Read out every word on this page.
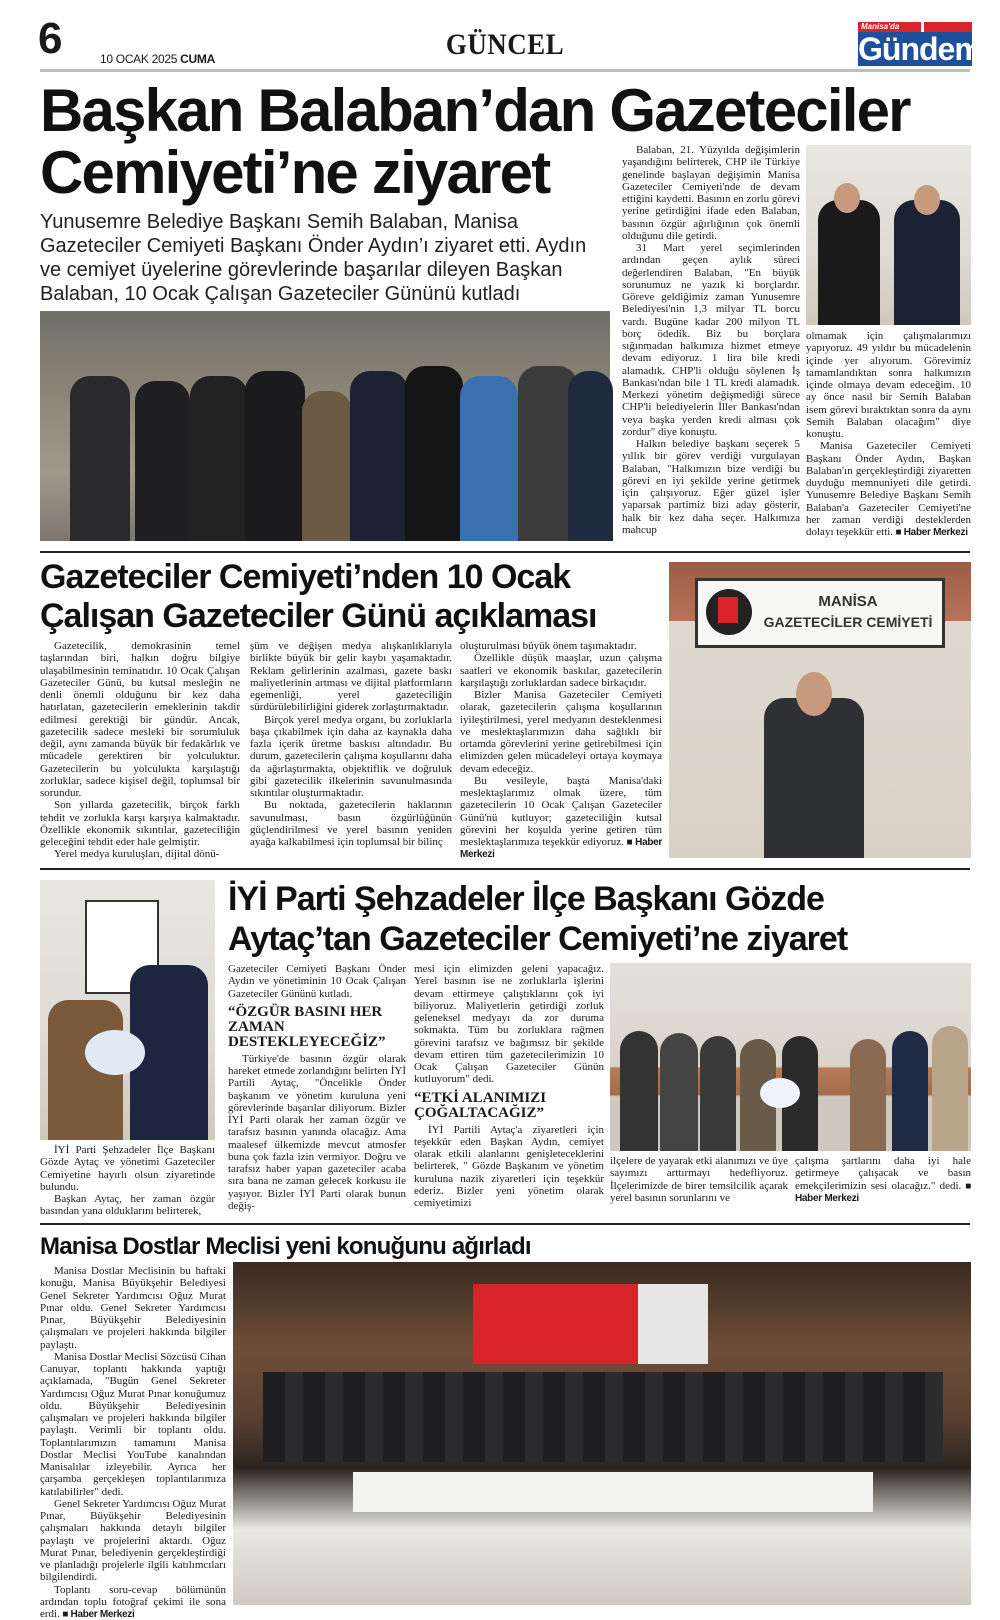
6	10 OCAK 2025 CUMA	GÜNCEL
Manisa'da
Gündem
Başkan Balaban’dan Gazeteciler
Cemiyeti’ne ziyaret
Yunusemre Belediye Başkanı Semih Balaban, Manisa Gazeteciler Cemiyeti Başkanı Önder Aydın’ı ziyaret etti. Aydın ve cemiyet üyelerine görevlerinde başarılar dileyen Başkan Balaban, 10 Ocak Çalışan Gazeteciler Gününü kutladı

Balaban, 21. Yüzyılda değişimlerin yaşandığını belirterek, CHP ile Türkiye genelinde başlayan değişimin Manisa Gazeteciler Cemiyeti'nde de devam ettiğini kaydetti. Basının en zorlu görevi yerine getirdiğini ifade eden Balaban, basının özgür ağırlığının çok önemli olduğunu dile getirdi.

31 Mart yerel seçimlerinden ardından geçen aylık süreci değerlendiren Balaban, "En büyük sorunumuz ne yazık ki borçlardır. Göreve geldiğimiz zaman Yunusemre Belediyesi'nin 1,3 milyar TL borcu vardı. Bugüne kadar 200 milyon TL borç ödedik. Biz bu borçlara sığınmadan halkımıza hizmet etmeye devam ediyoruz. 1 lira bile kredi alamadık. CHP'li olduğu söylenen İş Bankası'ndan bile 1 TL kredi alamadık. Merkezi yönetim değişmediği sürece CHP'li belediyelerin İller Bankası'ndan veya başka yerden kredi alması çok zordur" diye konuştu.

Halkın belediye başkanı seçerek 5 yıllık bir görev verdiği vurgulayan Balaban, "Halkımızın bize verdiği bu görevi en iyi şekilde yerine getirmek için çalışıyoruz. Eğer güzel işler yaparsak partimiz bizi aday gösterir, halk bir kez daha seçer. Halkımıza mahcup

olmamak için çalışmalarımızı yapıyoruz. 49 yıldır bu mücadelenin içinde yer alıyorum. Görevimiz tamamlandıktan sonra halkımızın içinde olmaya devam edeceğim. 10 ay önce nasıl bir Semih Balaban isem görevi bıraktıktan sonra da aynı Semih Balaban olacağım" diye konuştu.

Manisa Gazeteciler Cemiyeti Başkanı Önder Aydın, Başkan Balaban'ın gerçekleştirdiği ziyaretten duyduğu memnuniyeti dile getirdi. Yunusemre Belediye Başkanı Semih Balaban'a Gazeteciler Cemiyeti'ne her zaman verdiği desteklerden dolayı teşekkür etti. ■ Haber Merkezi

Gazeteciler Cemiyeti’nden 10 Ocak
Çalışan Gazeteciler Günü açıklaması	MANİSA
GAZETECİLER CEMİYETİ

Gazetecilik, demokrasinin temel taşlarından biri, halkın doğru bilgiye ulaşabilmesinin teminatıdır. 10 Ocak Çalışan Gazeteciler Günü, bu kutsal mesleğin ne denli önemli olduğunu bir kez daha hatırlatan, gazetecilerin emeklerinin takdir edilmesi gerektiği bir gündür. Ancak, gazetecilik sadece mesleki bir sorumluluk değil, aynı zamanda büyük bir fedakârlık ve mücadele gerektiren bir yolculuktur. Gazetecilerin bu yolculukta karşılaştığı zorluklar, sadece kişisel değil, toplumsal bir sorundur.

Son yıllarda gazetecilik, birçok farklı tehdit ve zorlukla karşı karşıya kalmaktadır. Özellikle ekonomik sıkıntılar, gazeteciliğin geleceğini tehdit eder hale gelmiştir.

Yerel medya kuruluşları, dijital dönü-

şüm ve değişen medya alışkanlıklarıyla birlikte büyük bir gelir kaybı yaşamaktadır. Reklam gelirlerinin azalması, gazete baskı maliyetlerinin artması ve dijital platformların egemenliği, yerel gazeteciliğin sürdürülebilirliğini giderek zorlaştırmaktadır.

Birçok yerel medya organı, bu zorluklarla başa çıkabilmek için daha az kaynakla daha fazla içerik üretme baskısı altındadır. Bu durum, gazetecilerin çalışma koşullarını daha da ağırlaştırmakta, objektiflik ve doğruluk gibi gazetecilik ilkelerinin savunulmasında sıkıntılar oluşturmaktadır.

Bu noktada, gazetecilerin haklarının savunulması, basın özgürlüğünün güçlendirilmesi ve yerel basının yeniden ayağa kalkabilmesi için toplumsal bir bilinç

oluşturulması büyük önem taşımaktadır.

Özellikle düşük maaşlar, uzun çalışma saatleri ve ekonomik baskılar, gazetecilerin karşılaştığı zorluklardan sadece birkaçıdır.

Bizler Manisa Gazeteciler Cemiyeti olarak, gazetecilerin çalışma koşullarının iyileştirilmesi, yerel medyanın desteklenmesi ve meslektaşlarımızın daha sağlıklı bir ortamda görevlerini yerine getirebilmesi için elimizden gelen mücadeleyi ortaya koymaya devam edeceğiz.

Bu vesileyle, başta Manisa'daki meslektaşlarımız olmak üzere, tüm gazetecilerin 10 Ocak Çalışan Gazeteciler Günü'nü kutluyor; gazeteciliğin kutsal görevini her koşulda yerine getiren tüm meslektaşlarımıza teşekkür ediyoruz. ■ Haber Merkezi

İYİ Parti Şehzadeler İlçe Başkanı Gözde Aytaç ve yönetimi Gazeteciler Cemiyetine hayırlı olsun ziyaretinde bulundu.

Başkan Aytaç, her zaman özgür basından yana olduklarını belirterek,

İYİ Parti Şehzadeler İlçe Başkanı Gözde
Aytaç’tan Gazeteciler Cemiyeti’ne ziyaret

Gazeteciler Cemiyeti Başkanı Önder Aydın ve yönetiminin 10 Ocak Çalışan Gazeteciler Gününü kutladı.

“ÖZGÜR BASINI HER ZAMAN DESTEKLEYECEĞİZ”

Türkiye'de basının özgür olarak hareket etmede zorlandığını belirten İYİ Partili Aytaç, "Öncelikle Önder başkanım ve yönetim kuruluna yeni görevlerinde başarılar diliyorum. Bizler İYİ Parti olarak her zaman özgür ve tarafsız basının yanında olacağız. Ama maalesef ülkemizde mevcut atmosfer buna çok fazla izin vermiyor. Doğru ve tarafsız haber yapan gazeteciler acaba sıra bana ne zaman gelecek korkusu ile yaşıyor. Bizler İYİ Parti olarak bunun değiş-

mesi için elimizden geleni yapacağız. Yerel basının ise ne zorluklarla işlerini devam ettirmeye çalıştıklarını çok iyi biliyoruz. Maliyetlerin getirdiği zorluk geleneksel medyayı da zor duruma sokmakta. Tüm bu zorluklara rağmen görevini tarafsız ve bağımsız bir şekilde devam ettiren tüm gazetecilerimizin 10 Ocak Çalışan Gazeteciler Günün kutluyorum" dedi.

“ETKİ ALANIMIZI ÇOĞALTACAĞIZ”

İYİ Partili Aytaç'a ziyaretleri için teşekkür eden Başkan Aydın, cemiyet olarak etkili alanlarını genişleteceklerini belirterek, " Gözde Başkanım ve yönetim kuruluna nazik ziyaretleri için teşekkür ederiz. Bizler yeni yönetim olarak cemiyetimizi

ilçelere de yayarak etki alanımızı ve üye sayımızı arttırmayı hedefliyoruz. İlçelerimizde de birer temsilcilik açarak yerel basının sorunlarını ve

çalışma şartlarını daha iyi hale getirmeye çalışacak ve basın emekçilerimizin sesi olacağız." dedi. ■ Haber Merkezi

Manisa Dostlar Meclisi yeni konuğunu ağırladı

Manisa Dostlar Meclisinin bu haftaki konuğu, Manisa Büyükşehir Belediyesi Genel Sekreter Yardımcısı Oğuz Murat Pınar oldu. Genel Sekreter Yardımcısı Pınar, Büyükşehir Belediyesinin çalışmaları ve projeleri hakkında bilgiler paylaştı.

Manisa Dostlar Meclisi Sözcüsü Cihan Canuyar, toplantı hakkında yaptığı açıklamada, "Bugün Genel Sekreter Yardımcısı Oğuz Murat Pınar konuğumuz oldu. Büyükşehir Belediyesinin çalışmaları ve projeleri hakkında bilgiler paylaştı. Verimli bir toplantı oldu. Toplantılarımızın tamamını Manisa Dostlar Meclisi YouTube kanalından Manisalılar izleyebilir. Ayrıca her çarşamba gerçekleşen toplantılarımıza katılabilirler" dedi.

Genel Sekreter Yardımcısı Oğuz Murat Pınar, Büyükşehir Belediyesinin çalışmaları hakkında detaylı bilgiler paylaştı ve projelerini aktardı. Oğuz Murat Pınar, belediyenin gerçekleştirdiği ve planladığı projelerle ilgili katılımcıları bilgilendirdi.

Toplantı soru-cevap bölümünün ardından toplu fotoğraf çekimi ile sona erdi. ■ Haber Merkezi
